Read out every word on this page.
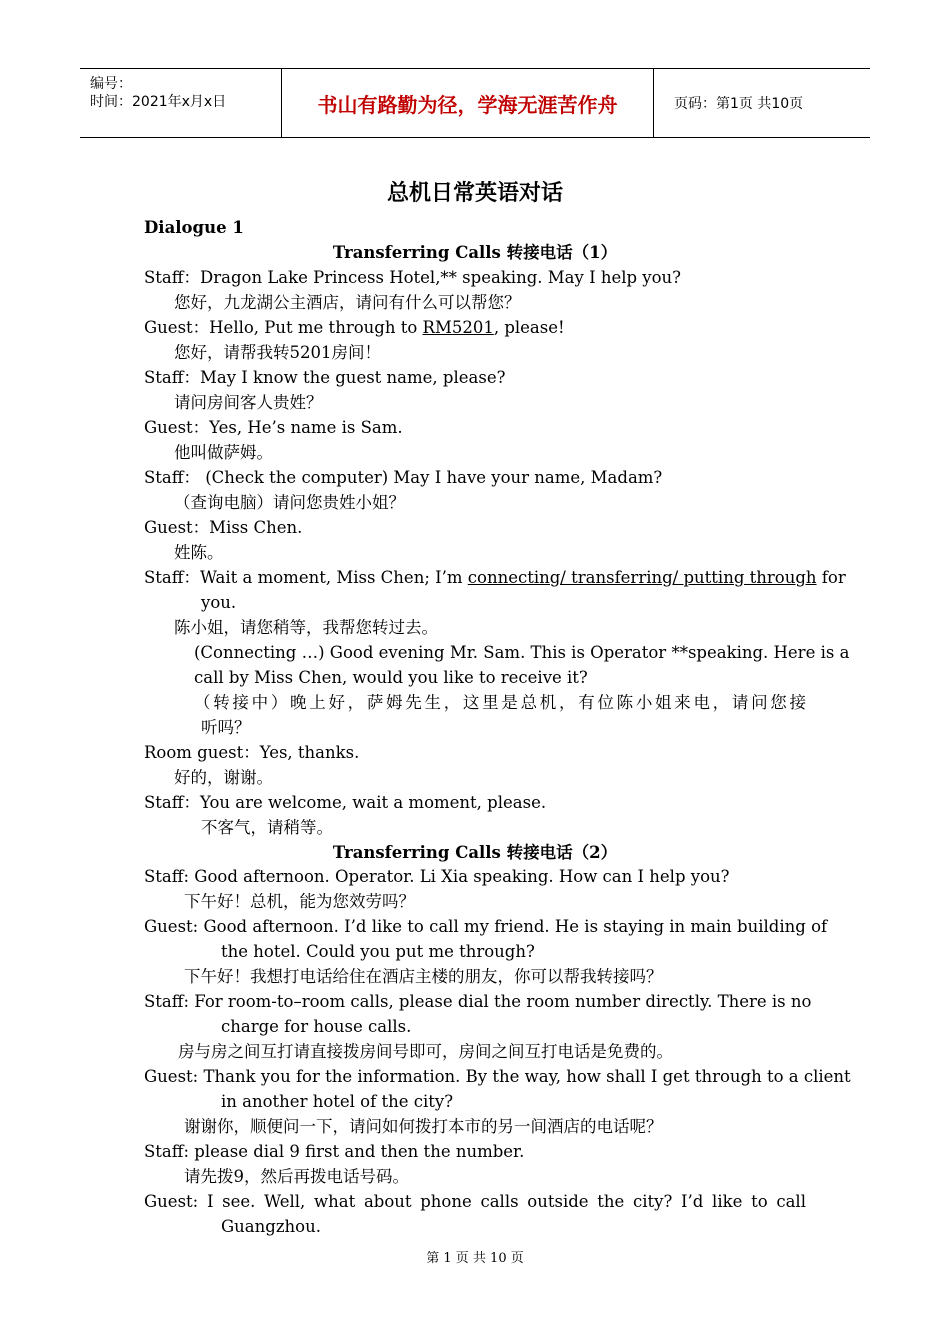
编号：
时间：2021年x月x日	书山有路勤为径，学海无涯苦作舟	页码：第1页 共10页
总机日常英语对话
Dialogue 1
Transferring Calls 转接电话（1）
Staff：Dragon Lake Princess Hotel,** speaking. May I help you?
您好，九龙湖公主酒店，请问有什么可以帮您？
Guest：Hello, Put me through to RM5201, please!
您好，请帮我转5201房间！
Staff：May I know the guest name, please?
请问房间客人贵姓？
Guest：Yes, He’s name is Sam.
他叫做萨姆。
Staff： (Check the computer) May I have your name, Madam?
（查询电脑）请问您贵姓小姐？
Guest：Miss Chen.
姓陈。
Staff：Wait a moment, Miss Chen; I’m connecting/ transferring/ putting through for
you.
陈小姐，请您稍等，我帮您转过去。
(Connecting …) Good evening Mr. Sam. This is Operator **speaking. Here is a
call by Miss Chen, would you like to receive it?
（转接中）晚上好，萨姆先生，这里是总机，有位陈小姐来电，请问您接
听吗？
Room guest：Yes, thanks.
好的，谢谢。
Staff：You are welcome, wait a moment, please.
不客气，请稍等。
Transferring Calls 转接电话（2）
Staff: Good afternoon. Operator. Li Xia speaking. How can I help you?
下午好！总机，能为您效劳吗？
Guest: Good afternoon. I’d like to call my friend. He is staying in main building of
the hotel. Could you put me through?
下午好！我想打电话给住在酒店主楼的朋友，你可以帮我转接吗？
Staff: For room-to–room calls, please dial the room number directly. There is no
charge for house calls.
房与房之间互打请直接拨房间号即可，房间之间互打电话是免费的。
Guest: Thank you for the information. By the way, how shall I get through to a client
in another hotel of the city?
谢谢你，顺便问一下，请问如何拨打本市的另一间酒店的电话呢？
Staff: please dial 9 first and then the number.
请先拨9，然后再拨电话号码。
Guest: I see. Well, what about phone calls outside the city? I’d like to call
Guangzhou.
第 1 页 共 10 页
